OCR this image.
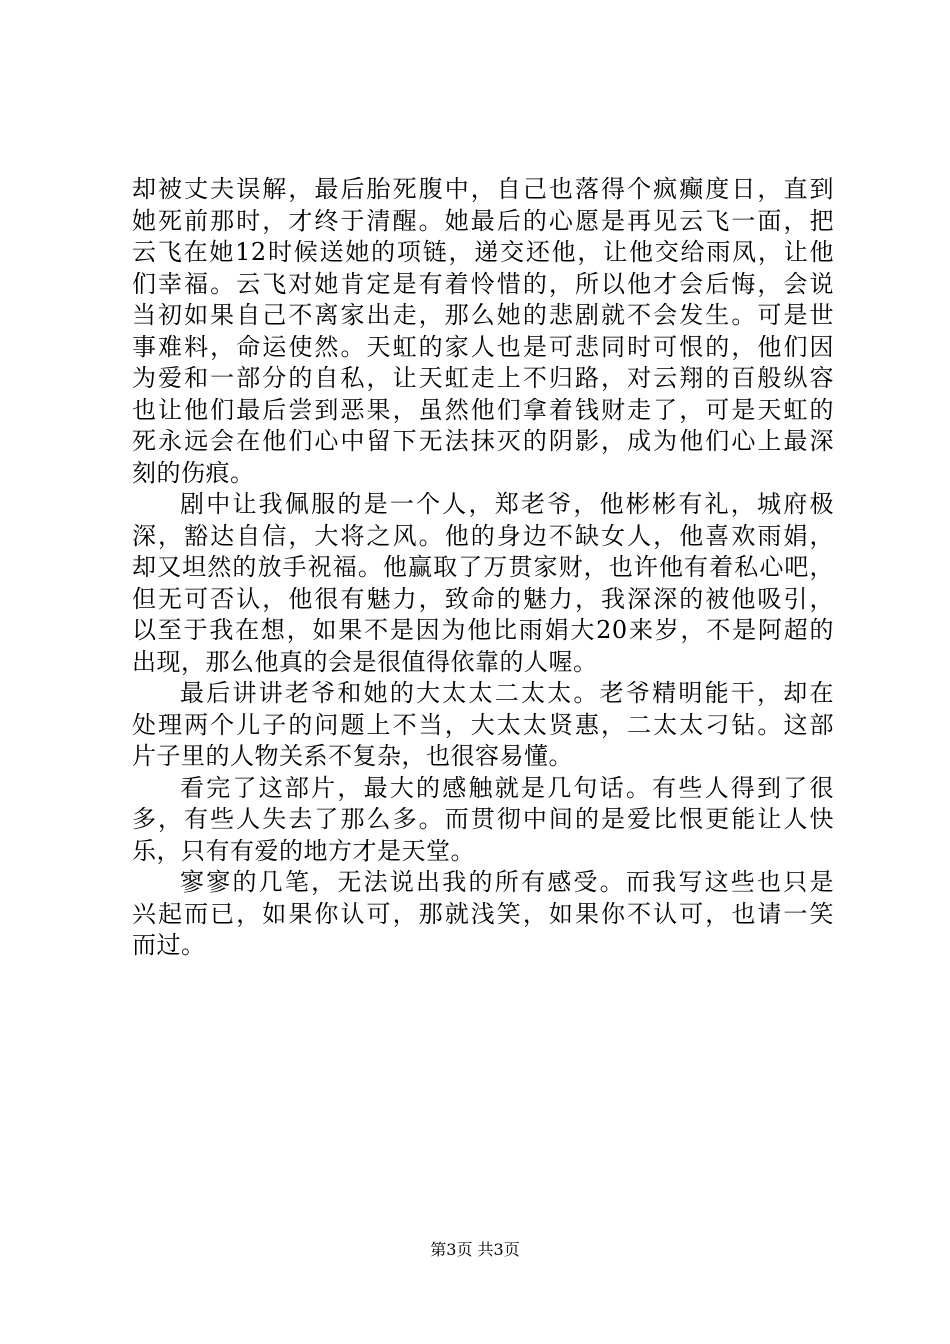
却被丈夫误解，最后胎死腹中，自己也落得个疯癫度日，直到
她死前那时，才终于清醒。她最后的心愿是再见云飞一面，把
云飞在她12时候送她的项链，递交还他，让他交给雨凤，让他
们幸福。云飞对她肯定是有着怜惜的，所以他才会后悔，会说
当初如果自己不离家出走，那么她的悲剧就不会发生。可是世
事难料，命运使然。天虹的家人也是可悲同时可恨的，他们因
为爱和一部分的自私，让天虹走上不归路，对云翔的百般纵容
也让他们最后尝到恶果，虽然他们拿着钱财走了，可是天虹的
死永远会在他们心中留下无法抹灭的阴影，成为他们心上最深
刻的伤痕。
剧中让我佩服的是一个人，郑老爷，他彬彬有礼，城府极
深，豁达自信，大将之风。他的身边不缺女人，他喜欢雨娟，
却又坦然的放手祝福。他赢取了万贯家财，也许他有着私心吧，
但无可否认，他很有魅力，致命的魅力，我深深的被他吸引，
以至于我在想，如果不是因为他比雨娟大20来岁，不是阿超的
出现，那么他真的会是很值得依靠的人喔。
最后讲讲老爷和她的大太太二太太。老爷精明能干，却在
处理两个儿子的问题上不当，大太太贤惠，二太太刁钻。这部
片子里的人物关系不复杂，也很容易懂。
看完了这部片，最大的感触就是几句话。有些人得到了很
多，有些人失去了那么多。而贯彻中间的是爱比恨更能让人快
乐，只有有爱的地方才是天堂。
寥寥的几笔，无法说出我的所有感受。而我写这些也只是
兴起而已，如果你认可，那就浅笑，如果你不认可，也请一笑
而过。
第3页 共3页
